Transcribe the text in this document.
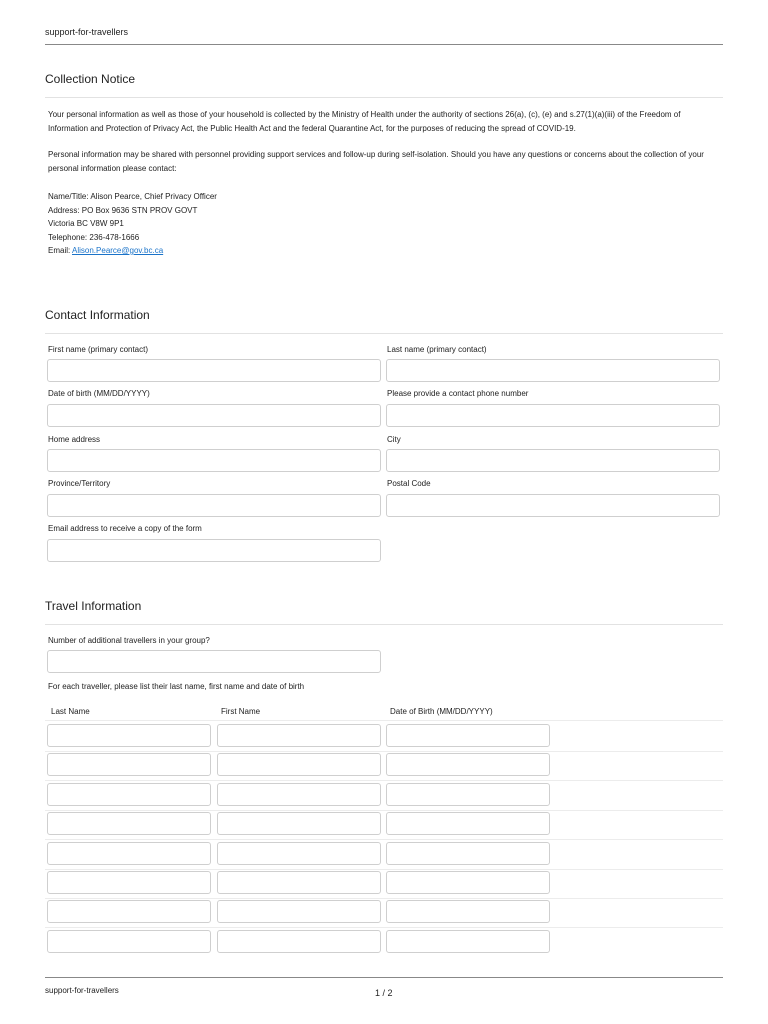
support-for-travellers
Collection Notice

Your personal information as well as those of your household is collected by the Ministry of Health under the authority of sections 26(a), (c), (e) and s.27(1)(a)(iii) of the Freedom of Information and Protection of Privacy Act, the Public Health Act and the federal Quarantine Act, for the purposes of reducing the spread of COVID-19.

Personal information may be shared with personnel providing support services and follow-up during self-isolation. Should you have any questions or concerns about the collection of your personal information please contact:

Name/Title: Alison Pearce, Chief Privacy Officer
Address: PO Box 9636 STN PROV GOVT
Victoria BC V8W 9P1
Telephone: 236-478-1666
Email: Alison.Pearce@gov.bc.ca
Contact Information
First name (primary contact)	Last name (primary contact)
Date of birth (MM/DD/YYYY)	Please provide a contact phone number
Home address	City
Province/Territory	Postal Code
Email address to receive a copy of the form
Travel Information
Number of additional travellers in your group?
For each traveller, please list their last name, first name and date of birth
Last Name	First Name	Date of Birth (MM/DD/YYYY)
support-for-travellers	1 / 2
